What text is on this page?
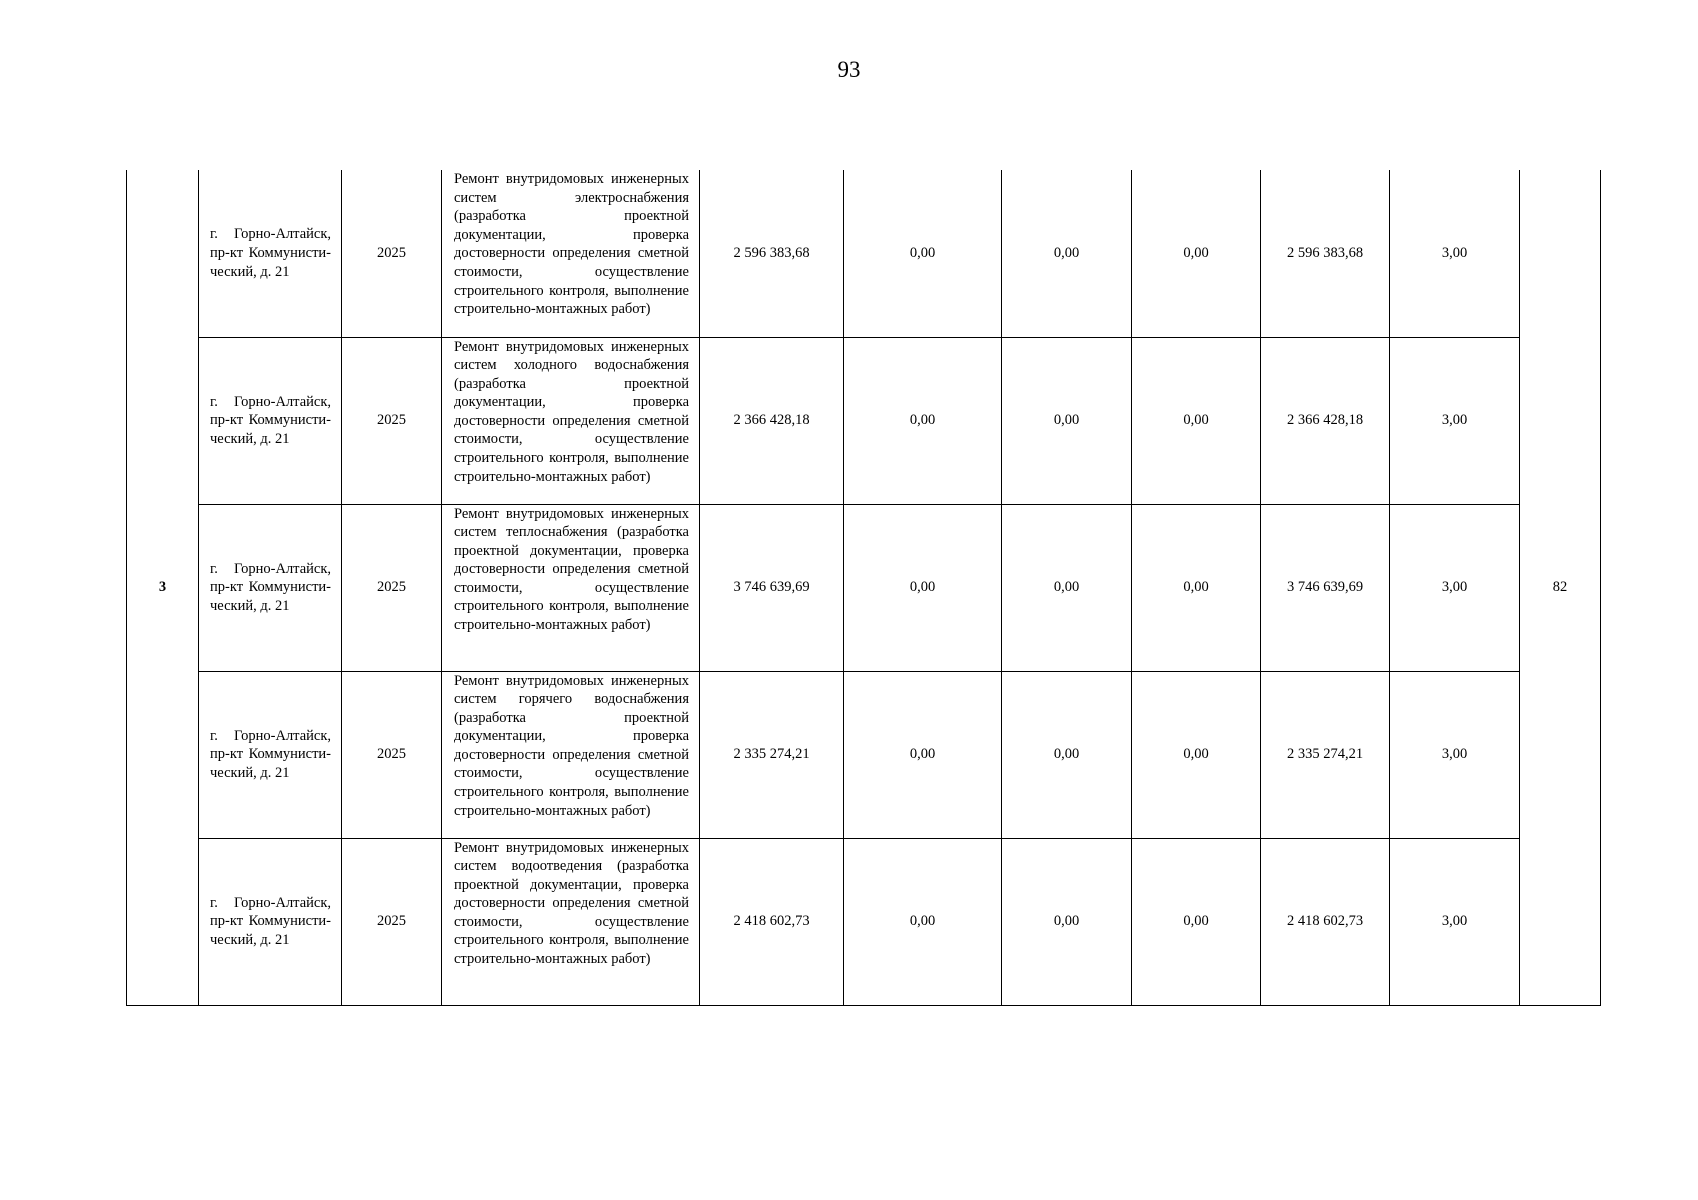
93
3	г. Горно-Алтайск, пр-кт Коммунисти-ческий, д. 21	2025	Ремонт внутридомовых инженерных систем электроснабжения (разработка проектной документации, проверка достоверности определения сметной стоимости, осуществление строительного контроля, выполнение строительно-монтажных работ)	2 596 383,68	0,00	0,00	0,00	2 596 383,68	3,00	82

	г. Горно-Алтайск, пр-кт Коммунисти-ческий, д. 21	2025	Ремонт внутридомовых инженерных систем холодного водоснабжения (разработка проектной документации, проверка достоверности определения сметной стоимости, осуществление строительного контроля, выполнение строительно-монтажных работ)	2 366 428,18	0,00	0,00	0,00	2 366 428,18	3,00	

	г. Горно-Алтайск, пр-кт Коммунисти-ческий, д. 21	2025	Ремонт внутридомовых инженерных систем теплоснабжения (разработка проектной документации, проверка достоверности определения сметной стоимости, осуществление строительного контроля, выполнение строительно-монтажных работ)	3 746 639,69	0,00	0,00	0,00	3 746 639,69	3,00	

	г. Горно-Алтайск, пр-кт Коммунисти-ческий, д. 21	2025	Ремонт внутридомовых инженерных систем горячего водоснабжения (разработка проектной документации, проверка достоверности определения сметной стоимости, осуществление строительного контроля, выполнение строительно-монтажных работ)	2 335 274,21	0,00	0,00	0,00	2 335 274,21	3,00	

	г. Горно-Алтайск, пр-кт Коммунисти-ческий, д. 21	2025	Ремонт внутридомовых инженерных систем водоотведения (разработка проектной документации, проверка достоверности определения сметной стоимости, осуществление строительного контроля, выполнение строительно-монтажных работ)	2 418 602,73	0,00	0,00	0,00	2 418 602,73	3,00	
